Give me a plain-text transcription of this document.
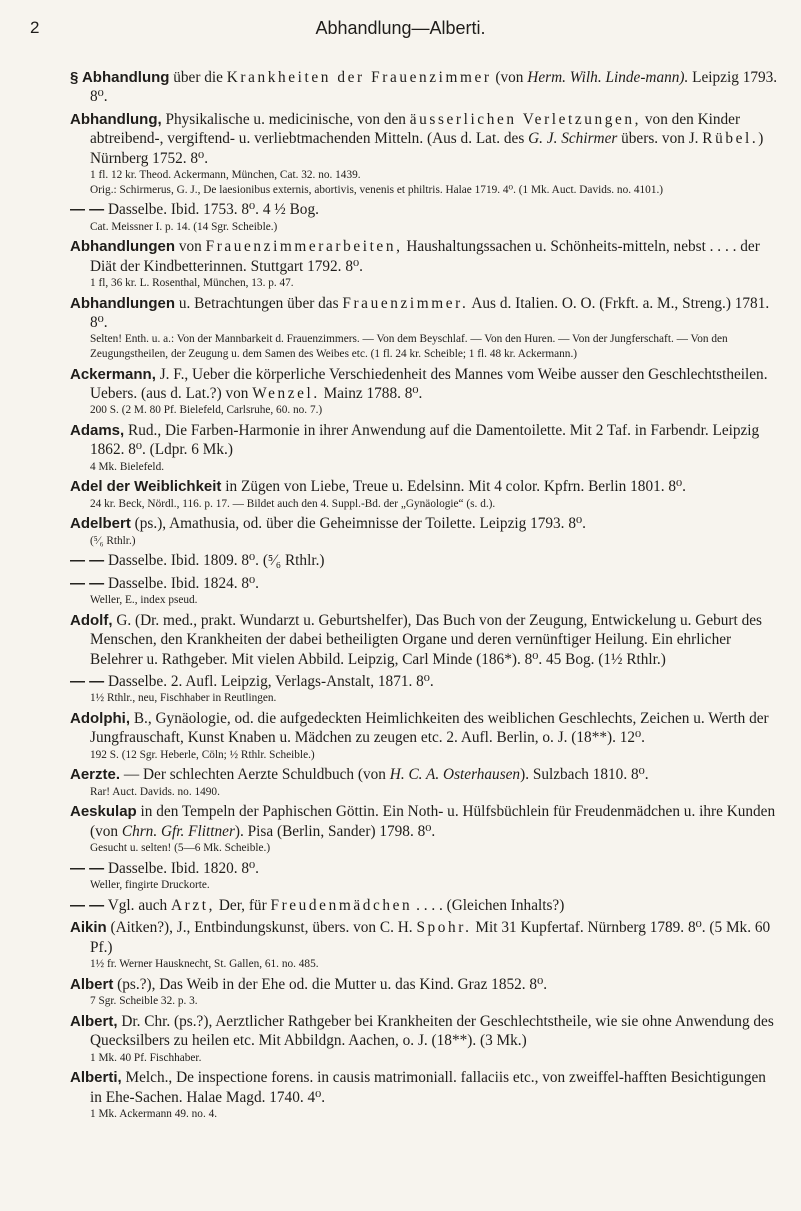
2	Abhandlung—Alberti.

§ Abhandlung über die Krankheiten der Frauenzimmer (von Herm. Wilh. Linde-mann). Leipzig 1793. 8⁰.

Abhandlung, Physikalische u. medicinische, von den äusserlichen Verletzungen, von den Kinder abtreibend-, vergiftend- u. verliebtmachenden Mitteln. (Aus d. Lat. des G. J. Schirmer übers. von J. Rübel.) Nürnberg 1752. 8⁰.

1 fl. 12 kr. Theod. Ackermann, München, Cat. 32. no. 1439.

Orig.: Schirmerus, G. J., De laesionibus externis, abortivis, venenis et philtris. Halae 1719. 4⁰. (1 Mk. Auct. Davids. no. 4101.)

— — Dasselbe. Ibid. 1753. 8⁰. 4 ½ Bog.

Cat. Meissner I. p. 14. (14 Sgr. Scheible.)

Abhandlungen von Frauenzimmerarbeiten, Haushaltungssachen u. Schönheits-mitteln, nebst . . . . der Diät der Kindbetterinnen. Stuttgart 1792. 8⁰.

1 fl, 36 kr. L. Rosenthal, München, 13. p. 47.

Abhandlungen u. Betrachtungen über das Frauenzimmer. Aus d. Italien. O. O. (Frkft. a. M., Streng.) 1781. 8⁰.

Selten! Enth. u. a.: Von der Mannbarkeit d. Frauenzimmers. — Von dem Beyschlaf. — Von den Huren. — Von der Jungferschaft. — Von den Zeugungstheilen, der Zeugung u. dem Samen des Weibes etc. (1 fl. 24 kr. Scheible; 1 fl. 48 kr. Ackermann.)

Ackermann, J. F., Ueber die körperliche Verschiedenheit des Mannes vom Weibe ausser den Geschlechtstheilen. Uebers. (aus d. Lat.?) von Wenzel. Mainz 1788. 8⁰.

200 S. (2 M. 80 Pf. Bielefeld, Carlsruhe, 60. no. 7.)

Adams, Rud., Die Farben-Harmonie in ihrer Anwendung auf die Damentoilette. Mit 2 Taf. in Farbendr. Leipzig 1862. 8⁰. (Ldpr. 6 Mk.)

4 Mk. Bielefeld.

Adel der Weiblichkeit in Zügen von Liebe, Treue u. Edelsinn. Mit 4 color. Kpfrn. Berlin 1801. 8⁰.

24 kr. Beck, Nördl., 116. p. 17. — Bildet auch den 4. Suppl.-Bd. der „Gynäologie“ (s. d.).

Adelbert (ps.), Amathusia, od. über die Geheimnisse der Toilette. Leipzig 1793. 8⁰.

(⁵⁄₆ Rthlr.)

— — Dasselbe. Ibid. 1809. 8⁰. (⁵⁄₆ Rthlr.)

— — Dasselbe. Ibid. 1824. 8⁰.

Weller, E., index pseud.

Adolf, G. (Dr. med., prakt. Wundarzt u. Geburtshelfer), Das Buch von der Zeugung, Entwickelung u. Geburt des Menschen, den Krankheiten der dabei betheiligten Organe und deren vernünftiger Heilung. Ein ehrlicher Belehrer u. Rathgeber. Mit vielen Abbild. Leipzig, Carl Minde (186*). 8⁰. 45 Bog. (1½ Rthlr.)

— — Dasselbe. 2. Aufl. Leipzig, Verlags-Anstalt, 1871. 8⁰.

1½ Rthlr., neu, Fischhaber in Reutlingen.

Adolphi, B., Gynäologie, od. die aufgedeckten Heimlichkeiten des weiblichen Geschlechts, Zeichen u. Werth der Jungfrauschaft, Kunst Knaben u. Mädchen zu zeugen etc. 2. Aufl. Berlin, o. J. (18**). 12⁰.

192 S. (12 Sgr. Heberle, Cöln; ½ Rthlr. Scheible.)

Aerzte. — Der schlechten Aerzte Schuldbuch (von H. C. A. Osterhausen). Sulzbach 1810. 8⁰.

Rar! Auct. Davids. no. 1490.

Aeskulap in den Tempeln der Paphischen Göttin. Ein Noth- u. Hülfsbüchlein für Freudenmädchen u. ihre Kunden (von Chrn. Gfr. Flittner). Pisa (Berlin, Sander) 1798. 8⁰.

Gesucht u. selten! (5—6 Mk. Scheible.)

— — Dasselbe. Ibid. 1820. 8⁰.

Weller, fingirte Druckorte.

— — Vgl. auch Arzt, Der, für Freudenmädchen . . . . (Gleichen Inhalts?)

Aikin (Aitken?), J., Entbindungskunst, übers. von C. H. Spohr. Mit 31 Kupfertaf. Nürnberg 1789. 8⁰. (5 Mk. 60 Pf.)

1½ fr. Werner Hausknecht, St. Gallen, 61. no. 485.

Albert (ps.?), Das Weib in der Ehe od. die Mutter u. das Kind. Graz 1852. 8⁰.

7 Sgr. Scheible 32. p. 3.

Albert, Dr. Chr. (ps.?), Aerztlicher Rathgeber bei Krankheiten der Geschlechtstheile, wie sie ohne Anwendung des Quecksilbers zu heilen etc. Mit Abbildgn. Aachen, o. J. (18**). (3 Mk.)

1 Mk. 40 Pf. Fischhaber.

Alberti, Melch., De inspectione forens. in causis matrimoniall. fallaciis etc., von zweiffel-hafften Besichtigungen in Ehe-Sachen. Halae Magd. 1740. 4⁰.

1 Mk. Ackermann 49. no. 4.
